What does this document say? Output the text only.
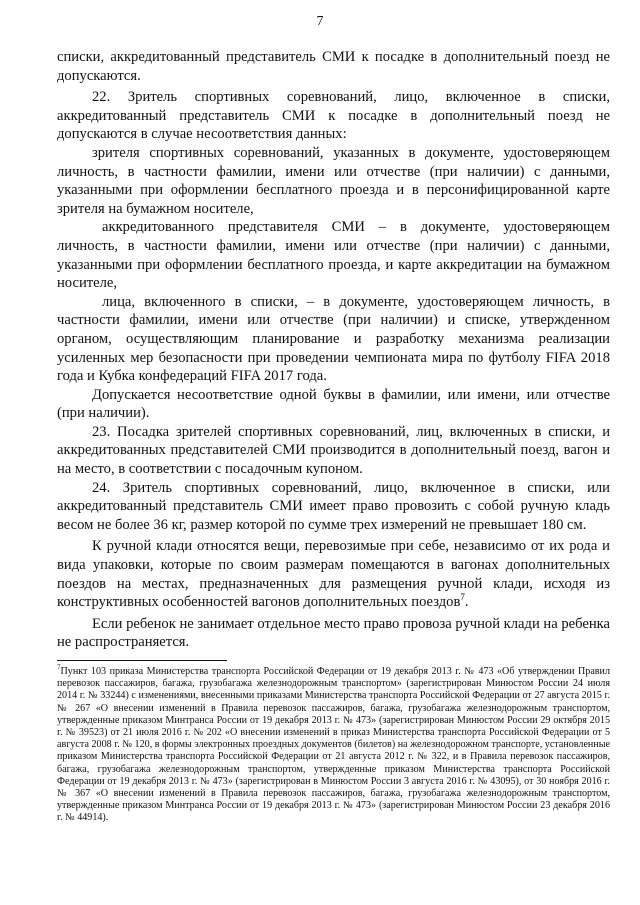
7

списки, аккредитованный представитель СМИ к посадке в дополнительный поезд не допускаются.

22. Зритель спортивных соревнований, лицо, включенное в списки, аккредитованный представитель СМИ к посадке в дополнительный поезд не допускаются в случае несоответствия данных:

зрителя спортивных соревнований, указанных в документе, удостоверяющем личность, в частности фамилии, имени или отчестве (при наличии) с данными, указанными при оформлении бесплатного проезда и в персонифицированной карте зрителя на бумажном носителе,

аккредитованного представителя СМИ – в документе, удостоверяющем личность, в частности фамилии, имени или отчестве (при наличии) с данными, указанными при оформлении бесплатного проезда, и карте аккредитации на бумажном носителе,

лица, включенного в списки, – в документе, удостоверяющем личность, в частности фамилии, имени или отчестве (при наличии) и списке, утвержденном органом, осуществляющим планирование и разработку механизма реализации усиленных мер безопасности при проведении чемпионата мира по футболу FIFA 2018 года и Кубка конфедераций FIFA 2017 года.

Допускается несоответствие одной буквы в фамилии, или имени, или отчестве (при наличии).

23. Посадка зрителей спортивных соревнований, лиц, включенных в списки, и аккредитованных представителей СМИ производится в дополнительный поезд, вагон и на место, в соответствии с посадочным купоном.

24. Зритель спортивных соревнований, лицо, включенное в списки, или аккредитованный представитель СМИ имеет право провозить с собой ручную кладь весом не более 36 кг, размер которой по сумме трех измерений не превышает 180 см.

К ручной клади относятся вещи, перевозимые при себе, независимо от их рода и вида упаковки, которые по своим размерам помещаются в вагонах дополнительных поездов на местах, предназначенных для размещения ручной клади, исходя из конструктивных особенностей вагонов дополнительных поездов$^7$.

Если ребенок не занимает отдельное место право провоза ручной клади на ребенка не распространяется.

$^7$Пункт 103 приказа Министерства транспорта Российской Федерации от 19 декабря 2013 г. № 473 «Об утверждении Правил перевозок пассажиров, багажа, грузобагажа железнодорожным транспортом» (зарегистрирован Минюстом России 24 июля 2014 г. № 33244) с изменениями, внесенными приказами Министерства транспорта Российской Федерации от 27 августа 2015 г. № 267 «О внесении изменений в Правила перевозок пассажиров, багажа, грузобагажа железнодорожным транспортом, утвержденные приказом Минтранса России от 19 декабря 2013 г. № 473» (зарегистрирован Минюстом России 29 октября 2015 г. № 39523) от 21 июля 2016 г. № 202 «О внесении изменений в приказ Министерства транспорта Российской Федерации от 5 августа 2008 г. № 120, в формы электронных проездных документов (билетов) на железнодорожном транспорте, установленные приказом Министерства транспорта Российской Федерации от 21 августа 2012 г. № 322, и в Правила перевозок пассажиров, багажа, грузобагажа железнодорожным транспортом, утвержденные приказом Министерства транспорта Российской Федерации от 19 декабря 2013 г. № 473» (зарегистрирован в Минюстом России 3 августа 2016 г. № 43095), от 30 ноября 2016 г. № 367 «О внесении изменений в Правила перевозок пассажиров, багажа, грузобагажа железнодорожным транспортом, утвержденные приказом Минтранса России от 19 декабря 2013 г. № 473» (зарегистрирован Минюстом России 23 декабря 2016 г. № 44914).
